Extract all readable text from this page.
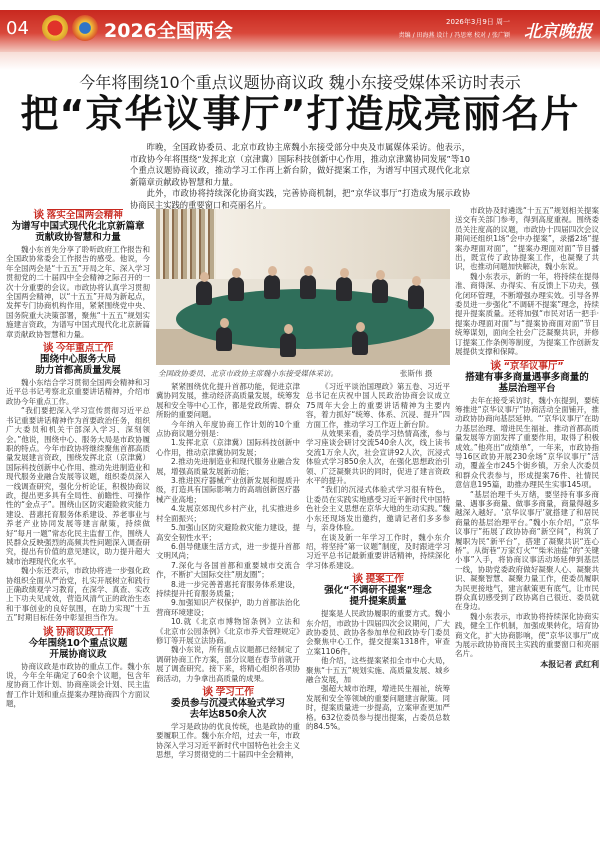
04	2026全国两会	2026年3月9日 周一
责编 / 田海燕 设计 / 冯思寒 校对 / 张广颖 北京晚报
今年将围绕10个重点议题协商议政 魏小东接受媒体采访时表示
把“京华议事厅”打造成亮丽名片

昨晚，全国政协委员、北京市政协主席魏小东接受部分中央及市属媒体采访。他表示，市政协今年将围绕“发挥北京（京津冀）国际科技创新中心作用，推动京津冀协同发展”等10个重点议题协商议政，推动学习工作再上新台阶，做好提案工作，为谱写中国式现代化北京新篇章贡献政协智慧和力量。

此外，市政协将持续深化协商实践，完善协商机制，把“京华议事厅”打造成为展示政协协商民主实践的重要窗口和亮丽名片。

全国政协委员、北京市政协主席魏小东接受媒体采访。	张斯伟 摄
谈 落实全国两会精神
为谱写中国式现代化北京新篇章
贡献政协智慧和力量

魏小东首先分享了聆听政府工作报告和全国政协常委会工作报告的感受。他说，今年全国两会是“十五五”开局之年、深入学习贯彻党的二十届四中全会精神之际召开的一次十分重要的会议。市政协将认真学习贯彻全国两会精神，以“十五五”开局为新起点，发挥专门协商机构作用，紧紧围绕党中央、国务院重大决策部署，聚焦“十五五”规划实施建言资政，为谱写中国式现代化北京新篇章贡献政协智慧和力量。

谈 今年重点工作
围绕中心服务大局
助力首都高质量发展

魏小东结合学习贯彻全国两会精神和习近平总书记考察北京重要讲话精神，介绍市政协今年重点工作。

“我们要把深入学习宣传贯彻习近平总书记重要讲话精神作为首要政治任务，组织广大委员和机关干部深入学习、深刻领会。”他说，围绕中心、服务大局是市政协履职的特点。今年市政协将继续聚焦首都高质量发展建言资政，围绕发挥北京（京津冀）国际科技创新中心作用、推动先进制造业和现代服务业融合发展等议题，组织委员深入一线调查研究，强化分析论证，积极协商议政，提出更多具有全局性、前瞻性、可操作性的“金点子”。围绕山区防灾避险救灾能力建设、普惠托育服务体系建设、养老事业与养老产业协同发展等建言献策，持续做好“每月一题”常态化民主监督工作，围绕人民群众反映强烈的高频共性问题深入调查研究，提出有价值的意见建议，助力提升超大城市治理现代化水平。

魏小东还表示，市政协将进一步强化政协组织全面从严治党，扎实开展树立和践行正确政绩观学习教育，在深学、真查、实改上下功夫见成效，营造风清气正的政治生态和干事创业的良好氛围，在助力实现“十五五”时期目标任务中彰显担当作为。

谈 协商议政工作
今年围绕10个重点议题
开展协商议政

协商议政是市政协的重点工作。魏小东说，今年全年确定了60余个议题，包含年度协商工作计划、协商座谈会计划、民主监督工作计划和重点提案办理协商四个方面议题，

紧紧围绕优化提升首都功能，促进京津冀协同发展，推动经济高质量发展，统筹发展和安全等中心工作，都是党政所需、群众所盼的重要问题。

今年纳入年度协商工作计划的10个重点协商议题分别是：

1.发挥北京（京津冀）国际科技创新中心作用，推动京津冀协同发展；

2.推动先进制造业和现代服务业融合发展，增强高质量发展新动能；

3.推进医疗器械产业创新发展和提质升级，打造具有国际影响力的高端创新医疗器械产业高地；

4.发展京郊现代乡村产业，扎实推进乡村全面振兴；

5.加强山区防灾避险救灾能力建设，提高安全韧性水平；

6.倡导健康生活方式，进一步提升首都文明风尚；

7.深化与各国首都和重要城市交流合作，不断扩大国际交往“朋友圈”；

8.进一步完善普惠托育服务体系建设，持续提升托育服务质量；

9.加强知识产权保护，助力首都法治化营商环境建设；

10.就《北京市博物馆条例》立法和《北京市公园条例》《北京市养犬管理规定》修订等开展立法协商。

魏小东说，所有重点议题都已经制定了调研协商工作方案，部分议题在春节前就开展了调查研究。接下来，将精心组织各项协商活动，力争拿出高质量的成果。

谈 学习工作
委员参与沉浸式体验式学习
去年达850余人次

学习是政协的优良传统，也是政协的重要履职工作。魏小东介绍，过去一年，市政协深入学习习近平新时代中国特色社会主义思想，学习贯彻党的二十届四中全会精神，

《习近平谈治国理政》第五卷、习近平总书记在庆祝中国人民政治协商会议成立75周年大会上的重要讲话精神为主要内容，着力抓好“统筹、体系、沉浸、提升”四方面工作，推动学习工作迈上新台阶。

从效果来看，委员学习热情高涨，参与学习座谈会研讨交流540余人次，线上读书交流1万余人次，社会宣讲92人次，沉浸式体验式学习850余人次，在强化思想政治引领、广泛凝聚共识的同时，促进了建言资政水平的提升。

“我们的沉浸式体验式学习很有特色，让委员在实践实地感受习近平新时代中国特色社会主义思想在京华大地的生动实践。”魏小东还现场发出邀约，邀请记者们多多参与，亲身体验。

在谈及新一年学习工作时，魏小东介绍，将坚持“第一议题”制度，及时跟进学习习近平总书记最新重要讲话精神，持续深化学习体系建设。

谈 提案工作
强化“不调研不提案”理念
提升提案质量

提案是人民政协履职的重要方式。魏小东介绍，市政协十四届四次会议期间，广大政协委员、政协各参加单位和政协专门委员会聚焦中心工作，提交提案1318件，审查立案1106件。

他介绍，这些提案紧扣全市中心大局，聚焦“十五五”规划实施、高质量发展、城乡融合发展，加

强超大城市治理，增进民生福祉，统筹发展和安全等领域的重要问题建言献策。同时，提案质量进一步提高，立案审查更加严格。632位委员参与提出提案，占委员总数的84.5%。

市政协及时遴选“十五五”规划相关提案送交有关部门参考，得到高度重视。围绕委员关注度高的议题，市政协十四届四次会议期间还组织1场“会中办提案”，录播2场“提案办理面对面”，“提案办理面对面”节目播出，既宣传了政协提案工作，也凝聚了共识，也推动问题加快解决，魏小东说。

魏小东表示，新的一年，将持续在提得准、商得深、办得实、有反馈上下功夫，强化闭环管理，不断增强办理实效。引导各界委员进一步强化“不调研不提案”理念，持续提升提案质量。还将加强“市民对话一把手·提案办理面对面”与“提案协商面对面”节目统筹谋划，面向全社会广泛凝聚共识，并修订提案工作条例等制度，为提案工作创新发展提供支撑和保障。

谈 “京华议事厅”
搭建有事多商量遇事多商量的
基层治理平台

去年在接受采访时，魏小东提到，要统筹推进“京华议事厅”协商活动全面铺开，推动政协协商向基层延伸。“‘京华议事厅’在助力基层治理、增进民生福祉、推动首都高质量发展等方面发挥了重要作用，取得了积极成效。”他亮出“成绩单”，一年来，市政协指导16区政协开展230余场“京华议事厅”活动，覆盖全市245个街乡镇，万余人次委员和群众代表参与，形成提案76件、社情民意信息195篇，助推办理民生实事145项。

“基层治理千头万绪，要坚持有事多商量、遇事多商量、做事多商量，商量得越多越深入越好。‘京华议事厅’就搭建了和居民商量的基层治理平台。”魏小东介绍，“京华议事厅”拓展了政协协商“新空间”，构筑了履职为民“新平台”，搭建了凝聚共识“连心桥”。从街巷“万家灯火”“柴米油盐”的“关键小事”入手，将协商议事活动场延伸到基层一线，协助党委政府做好凝聚人心、凝聚共识、凝聚智慧、凝聚力量工作，使委员履职为民更接地气，建言献策更有底气，让市民群众真切感受到了政协离自己很近、委员就在身边。

魏小东表示，市政协将持续深化协商实践，健全工作机制，加强成果转化，培育协商文化，扩大协商影响，使“京华议事厅”成为展示政协协商民主实践的重要窗口和亮丽名片。

本报记者 武红利
